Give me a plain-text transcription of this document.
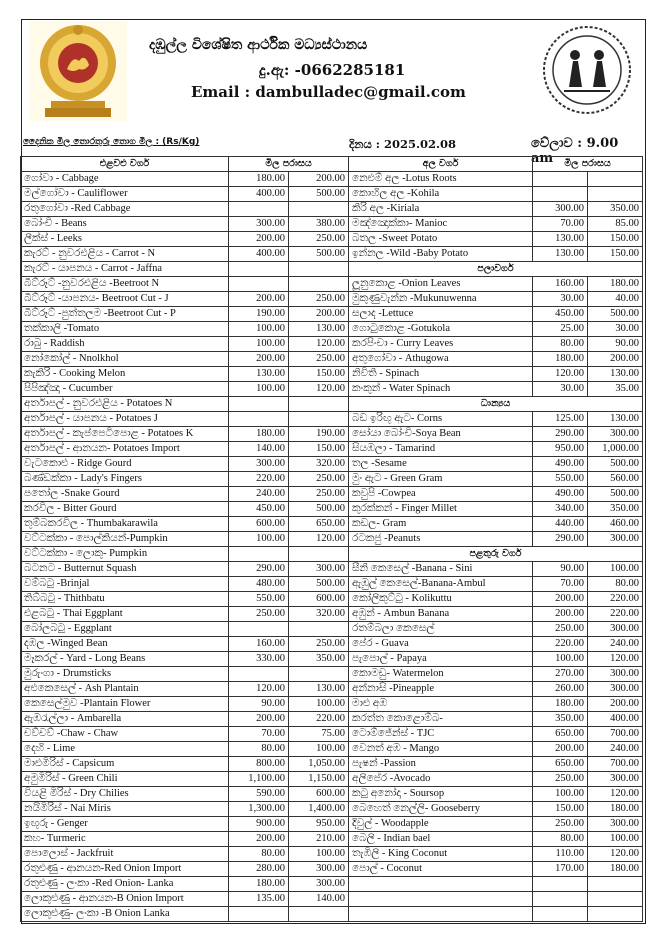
දඹුල්ල විශේෂිත ආර්ථික මධ්‍යස්ථානය
දු.ඇ: -0662285181
Email : dambulladec@gmail.com
දෛනික මිල තොරතුරු තොග මිල : (Rs/Kg)	දිනය : 2025.02.08	වේලාව : 9.00 am
එළවළු වර්ග	මිල පරාසය	
ගෝවා - Cabbage	180.00	200.00
මල්ගෝවා - Cauliflower	400.00	500.00
රතුගෝවා -Red Cabbage		
බෝංචි - Beans	300.00	380.00
ලීක්ස් - Leeks	200.00	250.00
කැරට් - නුවරඑළිය - Carrot - N	400.00	500.00
කැරට් - යාපනය - Carrot - Jaffna		
බීට්රූට් -නුවරඑළිය -Beetroot N		
බීට්රූට් -යාපනය- Beetroot Cut - J	200.00	250.00
බීට්රූට් -පුත්තලම -Beetroot Cut - P	190.00	200.00
තක්කාලි -Tomato	100.00	130.00
රාබු - Raddish	100.00	120.00
නෝකෝල් - Nnolkhol	200.00	250.00
කැකිරි - Cooking Melon	130.00	150.00
පිපිඤ්ඤා - Cucumber	100.00	120.00
අර්තාපල් - නුවරඑළිය - Potatoes N		
අර්තාපල් - යාපනය - Potatoes J		
අර්තාපල් - කැප්පෙටිපොළ - Potatoes K	180.00	190.00
අර්තාපල් - ආනයන- Potatoes Import	140.00	150.00
වැටකොළු - Ridge Gourd	300.00	320.00
බණ්ඩක්කා - Lady's Fingers	220.00	250.00
පතෝල -Snake Gourd	240.00	250.00
කරවිල - Bitter Gourd	450.00	500.00
තුම්බකරවිල - Thumbakarawila	600.00	650.00
වට්ටක්කා - පොල්කියන්-Pumpkin	100.00	120.00
වට්ටක්කා - ලොකු- Pumpkin		
බටනට - Butternut Squash	290.00	300.00
වම්බටු -Brinjal	480.00	500.00
තිබ්බටු - Thithbatu	550.00	600.00
එළබටු - Thai Eggplant	250.00	320.00
බෝලබටු - Eggplant		
දඹල -Winged Bean	160.00	250.00
මෑකරල් - Yard - Long Beans	330.00	350.00
මුරුංගා - Drumsticks		
අළුකෙසෙල් - Ash Plantain	120.00	130.00
කෙසෙල්මුව -Plantain Flower	90.00	100.00
ඇඹරැල්ලා - Ambarella	200.00	220.00
චව්චව් -Chaw - Chaw	70.00	75.00
දෙහි - Lime	80.00	100.00
මාළුමිරිස් - Capsicum	800.00	1,050.00
අමුමිරිස් - Green Chili	1,100.00	1,150.00
වියළි මිරිස් - Dry Chilies	590.00	600.00
නයිමිරිස් - Nai Miris	1,300.00	1,400.00
ඉඟුරු - Genger	900.00	950.00
කහ- Turmeric	200.00	210.00
පොලොස් - Jackfruit	80.00	100.00
රතුළුණු - ආනයන-Red Onion Import	280.00	300.00
රතුළුණු - ලංකා -Red Onion- Lanka	180.00	300.00
ලොකුළුණු - ආනයන-B Onion Import	135.00	140.00
ලොකුළුණු- ලංකා -B Onion Lanka		
අල වර්ග	මිල පරාසය	
නෙළුම් අල -Lotus Roots		
කොහිල අල -Kohila		
කිරි අල -Kiriala	300.00	350.00
මඤ්ඤොක්කා- Manioc	70.00	85.00
බතල -Sweet Potato	130.00	150.00
ඉන්නල -Wild -Baby Potato	130.00	150.00
පලාවර්ග		
ලූනුකොළ -Onion Leaves	160.00	180.00
මුකුණුවැන්න -Mukunuwenna	30.00	40.00
සලාද -Lettuce	450.00	500.00
ගොටුකොළ -Gotukola	25.00	30.00
කරපිංචා - Curry Leaves	80.00	90.00
අතුගෝවා - Athugowa	180.00	200.00
නිවිති - Spinach	120.00	130.00
කංකුන් - Water Spinach	30.00	35.00
ධාන්‍යය		
බඩ ඉරිඟු ඇට- Corns	125.00	130.00
සෝයා බෝංචි-Soya Bean	290.00	300.00
සියඹලා - Tamarind	950.00	1,000.00
තල -Sesame	490.00	500.00
මුං ඇට - Green Gram	550.00	560.00
කවුපි -Cowpea	490.00	500.00
කුරක්කන් - Finger Millet	340.00	350.00
කඩල- Gram	440.00	460.00
රටකජු -Peanuts	290.00	300.00
පළතුරු වර්ග		
සීනි කෙසෙල් -Banana - Sini	90.00	100.00
ඇඹුල් කෙසෙල්-Banana-Ambul	70.00	80.00
කෝලිකුට්ටු - Kolikuttu	200.00	220.00
අඹුන් - Ambun Banana	200.00	220.00
රතම්බලා කෙසෙල්	250.00	300.00
පේර - Guava	220.00	240.00
පැපොල් - Papaya	100.00	120.00
කොමඩු- Watermelon	270.00	300.00
අන්නාසි -Pineapple	260.00	300.00
මාළු අඹ	180.00	200.00
කරත්ත කොළොම්බ-	350.00	400.00
ටොම්ජේන්ස් - TJC	650.00	700.00
වෙනත් අඹ - Mango	200.00	240.00
පැෂන් -Passion	650.00	700.00
අලිපේර -Avocado	250.00	300.00
කටු අනෝදා - Soursop	100.00	120.00
බෙහෙත් නෙල්ලි- Gooseberry	150.00	180.00
දිවුල් - Woodapple	250.00	300.00
බෙලි - Indian bael	80.00	100.00
තැඹිලි - King Coconut	110.00	120.00
පොල් - Coconut	170.00	180.00
